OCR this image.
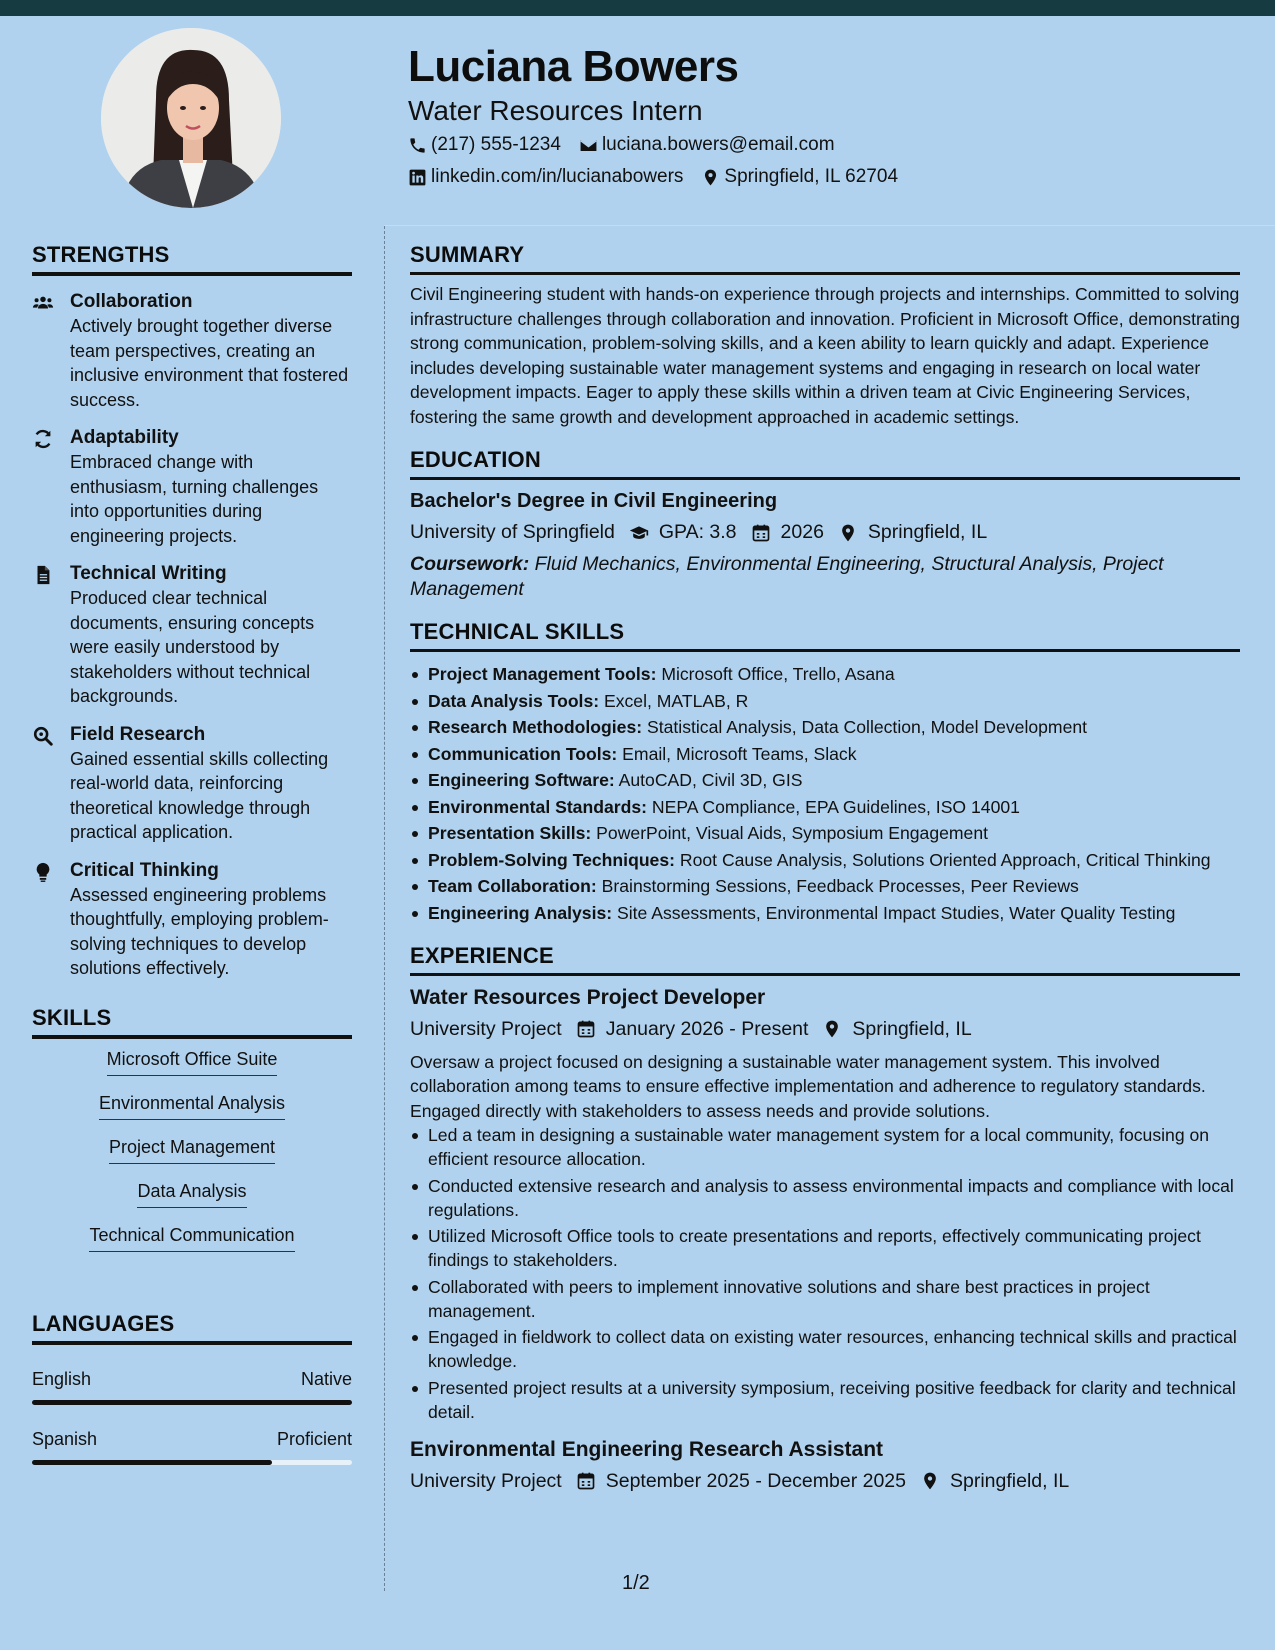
Luciana Bowers
Water Resources Intern
(217) 555-1234 luciana.bowers@email.com
linkedin.com/in/lucianabowers Springfield, IL 62704
STRENGTHS
Collaboration
Actively brought together diverse team perspectives, creating an inclusive environment that fostered success.
Adaptability
Embraced change with enthusiasm, turning challenges into opportunities during engineering projects.
Technical Writing
Produced clear technical documents, ensuring concepts were easily understood by stakeholders without technical backgrounds.
Field Research
Gained essential skills collecting real-world data, reinforcing theoretical knowledge through practical application.
Critical Thinking
Assessed engineering problems thoughtfully, employing problem-solving techniques to develop solutions effectively.
SKILLS
Microsoft Office Suite
Environmental Analysis
Project Management
Data Analysis
Technical Communication
LANGUAGES
English	Native
Spanish	Proficient
SUMMARY
Civil Engineering student with hands-on experience through projects and internships. Committed to solving infrastructure challenges through collaboration and innovation. Proficient in Microsoft Office, demonstrating strong communication, problem-solving skills, and a keen ability to learn quickly and adapt. Experience includes developing sustainable water management systems and engaging in research on local water development impacts. Eager to apply these skills within a driven team at Civic Engineering Services, fostering the same growth and development approached in academic settings.
EDUCATION
Bachelor's Degree in Civil Engineering
University of Springfield GPA: 3.8 2026 Springfield, IL
Coursework: Fluid Mechanics, Environmental Engineering, Structural Analysis, Project Management
TECHNICAL SKILLS
Project Management Tools: Microsoft Office, Trello, Asana
Data Analysis Tools: Excel, MATLAB, R
Research Methodologies: Statistical Analysis, Data Collection, Model Development
Communication Tools: Email, Microsoft Teams, Slack
Engineering Software: AutoCAD, Civil 3D, GIS
Environmental Standards: NEPA Compliance, EPA Guidelines, ISO 14001
Presentation Skills: PowerPoint, Visual Aids, Symposium Engagement
Problem-Solving Techniques: Root Cause Analysis, Solutions Oriented Approach, Critical Thinking
Team Collaboration: Brainstorming Sessions, Feedback Processes, Peer Reviews
Engineering Analysis: Site Assessments, Environmental Impact Studies, Water Quality Testing
EXPERIENCE
Water Resources Project Developer
University Project January 2026 - Present Springfield, IL
Oversaw a project focused on designing a sustainable water management system. This involved collaboration among teams to ensure effective implementation and adherence to regulatory standards. Engaged directly with stakeholders to assess needs and provide solutions.
Led a team in designing a sustainable water management system for a local community, focusing on efficient resource allocation.
Conducted extensive research and analysis to assess environmental impacts and compliance with local regulations.
Utilized Microsoft Office tools to create presentations and reports, effectively communicating project findings to stakeholders.
Collaborated with peers to implement innovative solutions and share best practices in project management.
Engaged in fieldwork to collect data on existing water resources, enhancing technical skills and practical knowledge.
Presented project results at a university symposium, receiving positive feedback for clarity and technical detail.
Environmental Engineering Research Assistant
University Project September 2025 - December 2025 Springfield, IL
1/2
